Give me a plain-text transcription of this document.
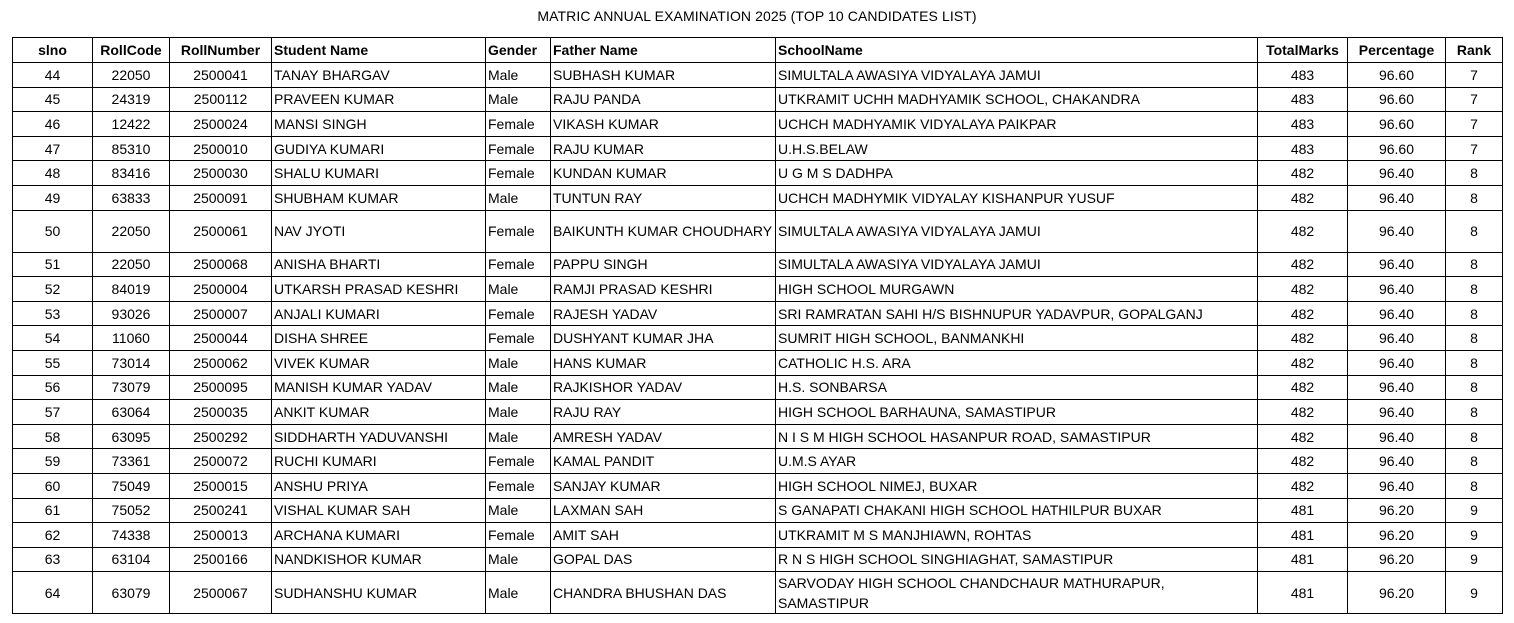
MATRIC ANNUAL EXAMINATION 2025 (TOP 10 CANDIDATES LIST)
slno	RollCode	RollNumber	Student Name	Gender	Father Name	SchoolName	TotalMarks	Percentage	Rank
44	22050	2500041	TANAY BHARGAV	Male	SUBHASH KUMAR	SIMULTALA AWASIYA VIDYALAYA JAMUI	483	96.60	7
45	24319	2500112	PRAVEEN KUMAR	Male	RAJU PANDA	UTKRAMIT UCHH MADHYAMIK SCHOOL, CHAKANDRA	483	96.60	7
46	12422	2500024	MANSI SINGH	Female	VIKASH KUMAR	UCHCH MADHYAMIK VIDYALAYA PAIKPAR	483	96.60	7
47	85310	2500010	GUDIYA KUMARI	Female	RAJU KUMAR	U.H.S.BELAW	483	96.60	7
48	83416	2500030	SHALU KUMARI	Female	KUNDAN KUMAR	U G M S DADHPA	482	96.40	8
49	63833	2500091	SHUBHAM KUMAR	Male	TUNTUN RAY	UCHCH MADHYMIK VIDYALAY KISHANPUR YUSUF	482	96.40	8
50	22050	2500061	NAV JYOTI	Female	BAIKUNTH KUMAR CHOUDHARY	SIMULTALA AWASIYA VIDYALAYA JAMUI	482	96.40	8
51	22050	2500068	ANISHA BHARTI	Female	PAPPU SINGH	SIMULTALA AWASIYA VIDYALAYA JAMUI	482	96.40	8
52	84019	2500004	UTKARSH PRASAD KESHRI	Male	RAMJI PRASAD KESHRI	HIGH SCHOOL MURGAWN	482	96.40	8
53	93026	2500007	ANJALI KUMARI	Female	RAJESH YADAV	SRI RAMRATAN SAHI H/S BISHNUPUR YADAVPUR, GOPALGANJ	482	96.40	8
54	11060	2500044	DISHA SHREE	Female	DUSHYANT KUMAR JHA	SUMRIT HIGH SCHOOL, BANMANKHI	482	96.40	8
55	73014	2500062	VIVEK KUMAR	Male	HANS KUMAR	CATHOLIC H.S. ARA	482	96.40	8
56	73079	2500095	MANISH KUMAR YADAV	Male	RAJKISHOR YADAV	H.S. SONBARSA	482	96.40	8
57	63064	2500035	ANKIT KUMAR	Male	RAJU RAY	HIGH SCHOOL BARHAUNA, SAMASTIPUR	482	96.40	8
58	63095	2500292	SIDDHARTH YADUVANSHI	Male	AMRESH YADAV	N I S M HIGH SCHOOL HASANPUR ROAD, SAMASTIPUR	482	96.40	8
59	73361	2500072	RUCHI KUMARI	Female	KAMAL PANDIT	U.M.S AYAR	482	96.40	8
60	75049	2500015	ANSHU PRIYA	Female	SANJAY KUMAR	HIGH SCHOOL NIMEJ, BUXAR	482	96.40	8
61	75052	2500241	VISHAL KUMAR SAH	Male	LAXMAN SAH	S GANAPATI CHAKANI HIGH SCHOOL HATHILPUR BUXAR	481	96.20	9
62	74338	2500013	ARCHANA KUMARI	Female	AMIT SAH	UTKRAMIT M S MANJHIAWN, ROHTAS	481	96.20	9
63	63104	2500166	NANDKISHOR KUMAR	Male	GOPAL DAS	R N S HIGH SCHOOL SINGHIAGHAT, SAMASTIPUR	481	96.20	9
64	63079	2500067	SUDHANSHU KUMAR	Male	CHANDRA BHUSHAN DAS	SARVODAY HIGH SCHOOL CHANDCHAUR MATHURAPUR, SAMASTIPUR	481	96.20	9
